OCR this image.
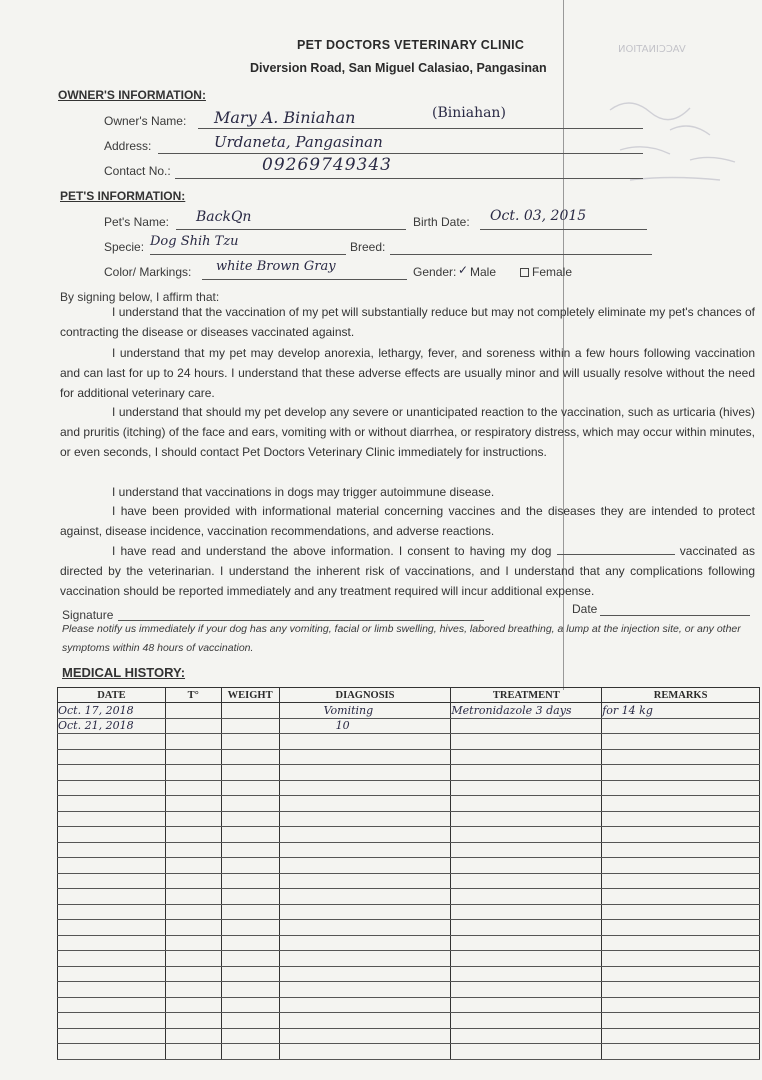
VACCINATION
PET DOCTORS VETERINARY CLINIC
Diversion Road, San Miguel Calasiao, Pangasinan
OWNER'S INFORMATION:
Owner's Name: Mary A. Biniahan	(Biniahan)
Address:	Urdaneta, Pangasinan
Contact No.:	09269749343
PET'S INFORMATION:
Pet's Name: BackQn	Birth Date: Oct. 03, 2015
Specie: Dog Shih Tzu	Breed:
Color/ Markings: white Brown Gray	Gender: ✓ Male	Female
By signing below, I affirm that:
I understand that the vaccination of my pet will substantially reduce but may not completely eliminate my pet's chances of contracting the disease or diseases vaccinated against.
I understand that my pet may develop anorexia, lethargy, fever, and soreness within a few hours following vaccination and can last for up to 24 hours. I understand that these adverse effects are usually minor and will usually resolve without the need for additional veterinary care.
I understand that should my pet develop any severe or unanticipated reaction to the vaccination, such as urticaria (hives) and pruritis (itching) of the face and ears, vomiting with or without diarrhea, or respiratory distress, which may occur within minutes, or even seconds, I should contact Pet Doctors Veterinary Clinic immediately for instructions.
I understand that vaccinations in dogs may trigger autoimmune disease.
I have been provided with informational material concerning vaccines and the diseases they are intended to protect against, disease incidence, vaccination recommendations, and adverse reactions.
I have read and understand the above information. I consent to having my dog	vaccinated as directed by the veterinarian. I understand the inherent risk of vaccinations, and I understand that any complications following vaccination should be reported immediately and any treatment required will incur additional expense.
Signature	Date
Please notify us immediately if your dog has any vomiting, facial or limb swelling, hives, labored breathing, a lump at the injection site, or any other symptoms within 48 hours of vaccination.
MEDICAL HISTORY:
DATE	T°	WEIGHT	DIAGNOSIS	TREATMENT	REMARKS
Oct. 17, 2018			Vomiting	Metronidazole 3 days	for 14 kg
Oct. 21, 2018			10		
